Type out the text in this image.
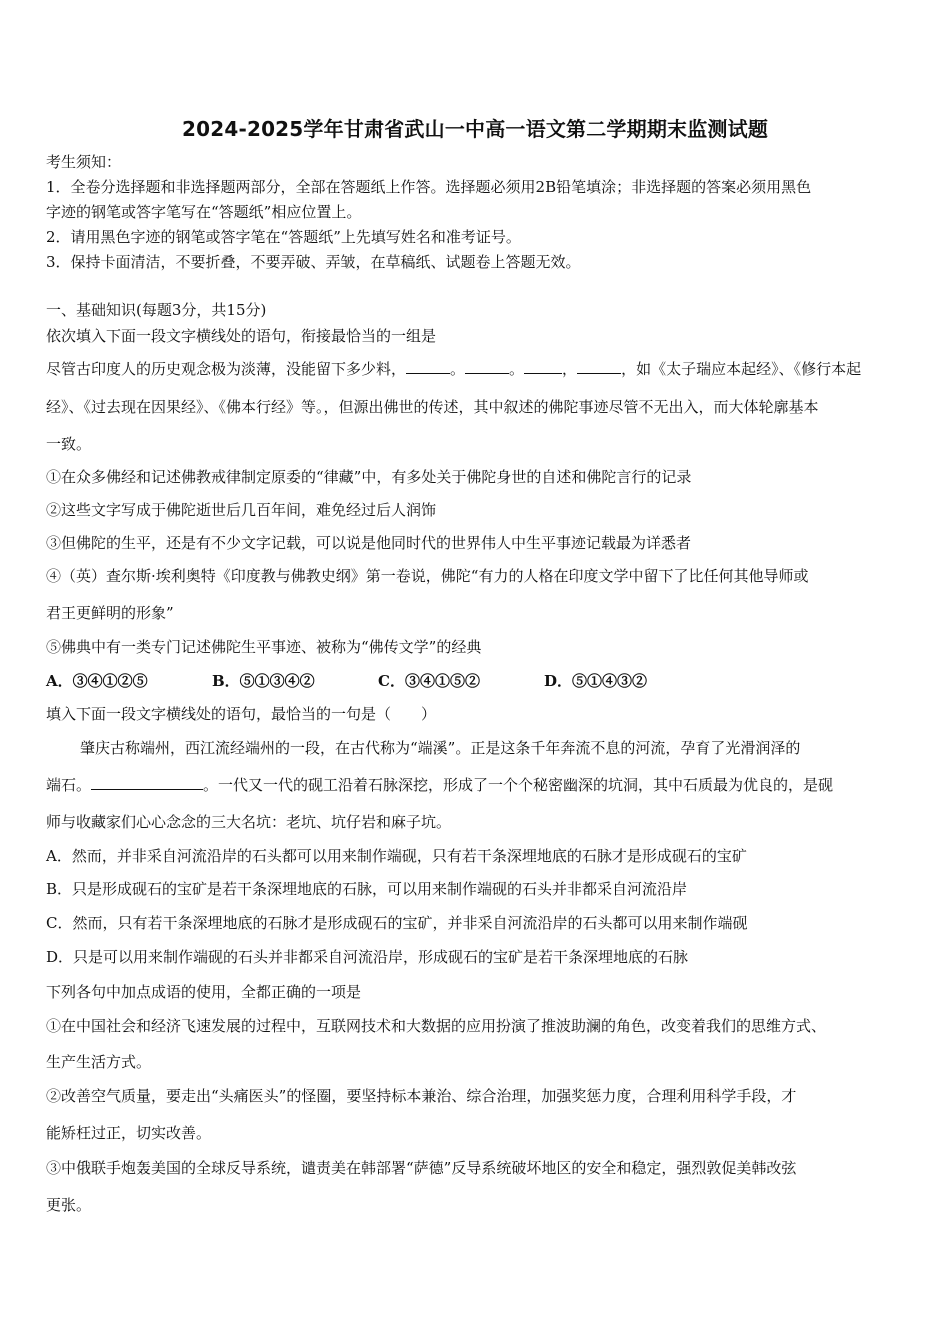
2024-2025学年甘肃省武山一中高一语文第二学期期末监测试题
考生须知：
1．全卷分选择题和非选择题两部分，全部在答题纸上作答。选择题必须用2B铅笔填涂；非选择题的答案必须用黑色
字迹的钢笔或答字笔写在“答题纸”相应位置上。
2．请用黑色字迹的钢笔或答字笔在“答题纸”上先填写姓名和准考证号。
3．保持卡面清洁，不要折叠，不要弄破、弄皱，在草稿纸、试题卷上答题无效。
一、基础知识(每题3分，共15分)
依次填入下面一段文字横线处的语句，衔接最恰当的一组是
尽管古印度人的历史观念极为淡薄，没能留下多少料，	。	。	，	，如《太子瑞应本起经》、《修行本起
经》、《过去现在因果经》、《佛本行经》等。，但源出佛世的传述，其中叙述的佛陀事迹尽管不无出入，而大体轮廓基本
一致。
①在众多佛经和记述佛教戒律制定原委的“律藏”中，有多处关于佛陀身世的自述和佛陀言行的记录
②这些文字写成于佛陀逝世后几百年间，难免经过后人润饰
③但佛陀的生平，还是有不少文字记载，可以说是他同时代的世界伟人中生平事迹记载最为详悉者
④（英）查尔斯·埃利奥特《印度教与佛教史纲》第一卷说，佛陀“有力的人格在印度文学中留下了比任何其他导师或
君王更鲜明的形象”
⑤佛典中有一类专门记述佛陀生平事迹、被称为“佛传文学”的经典
A．③④①②⑤	B．⑤①③④②	C．③④①⑤②	D．⑤①④③②
填入下面一段文字横线处的语句，最恰当的一句是（　　）
肇庆古称端州，西江流经端州的一段，在古代称为“端溪”。正是这条千年奔流不息的河流，孕育了光滑润泽的
端石。	。一代又一代的砚工沿着石脉深挖，形成了一个个秘密幽深的坑洞，其中石质最为优良的，是砚
师与收藏家们心心念念的三大名坑：老坑、坑仔岩和麻子坑。
A．然而，并非采自河流沿岸的石头都可以用来制作端砚，只有若干条深埋地底的石脉才是形成砚石的宝矿
B．只是形成砚石的宝矿是若干条深埋地底的石脉，可以用来制作端砚的石头并非都采自河流沿岸
C．然而，只有若干条深埋地底的石脉才是形成砚石的宝矿，并非采自河流沿岸的石头都可以用来制作端砚
D．只是可以用来制作端砚的石头并非都采自河流沿岸，形成砚石的宝矿是若干条深埋地底的石脉
下列各句中加点成语的使用，全都正确的一项是
①在中国社会和经济飞速发展的过程中，互联网技术和大数据的应用扮演了推波助澜的角色，改变着我们的思维方式、
生产生活方式。
②改善空气质量，要走出“头痛医头”的怪圈，要坚持标本兼治、综合治理，加强奖惩力度，合理利用科学手段，才
能矫枉过正，切实改善。
③中俄联手炮轰美国的全球反导系统，谴责美在韩部署“萨德”反导系统破坏地区的安全和稳定，强烈敦促美韩改弦
更张。
